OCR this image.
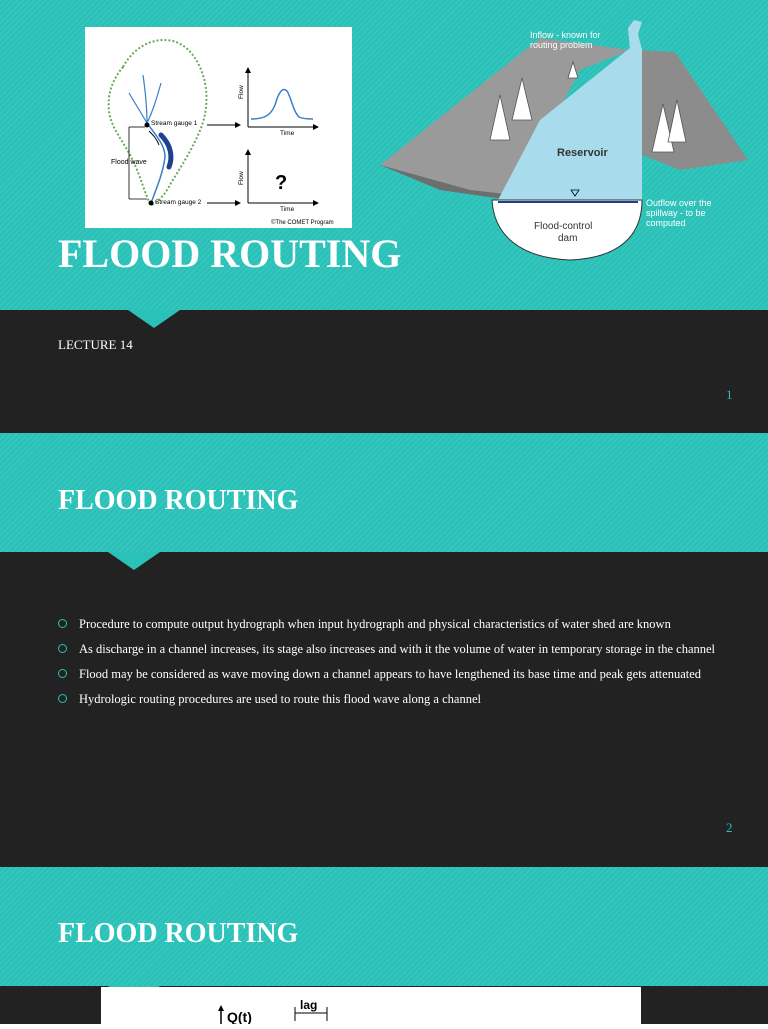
Stream gauge 1
Stream gauge 2
Flood wave
Flow
Time
Flow
Time
?
©The COMET Program
Inflow - known for
routing problem
Reservoir
Flood-control
dam
Outflow over the
spillway - to be
computed
FLOOD ROUTING
LECTURE 14
1
FLOOD ROUTING
Procedure to compute output hydrograph when input hydrograph and physical characteristics of water shed are known
As discharge in a channel increases, its stage also increases and with it the volume of water in temporary storage in the channel
Flood may be considered as wave moving down a channel appears to have lengthened its base time and peak gets attenuated
Hydrologic routing procedures are used to route this flood wave along a channel
2
FLOOD ROUTING
Q(t)
lag
